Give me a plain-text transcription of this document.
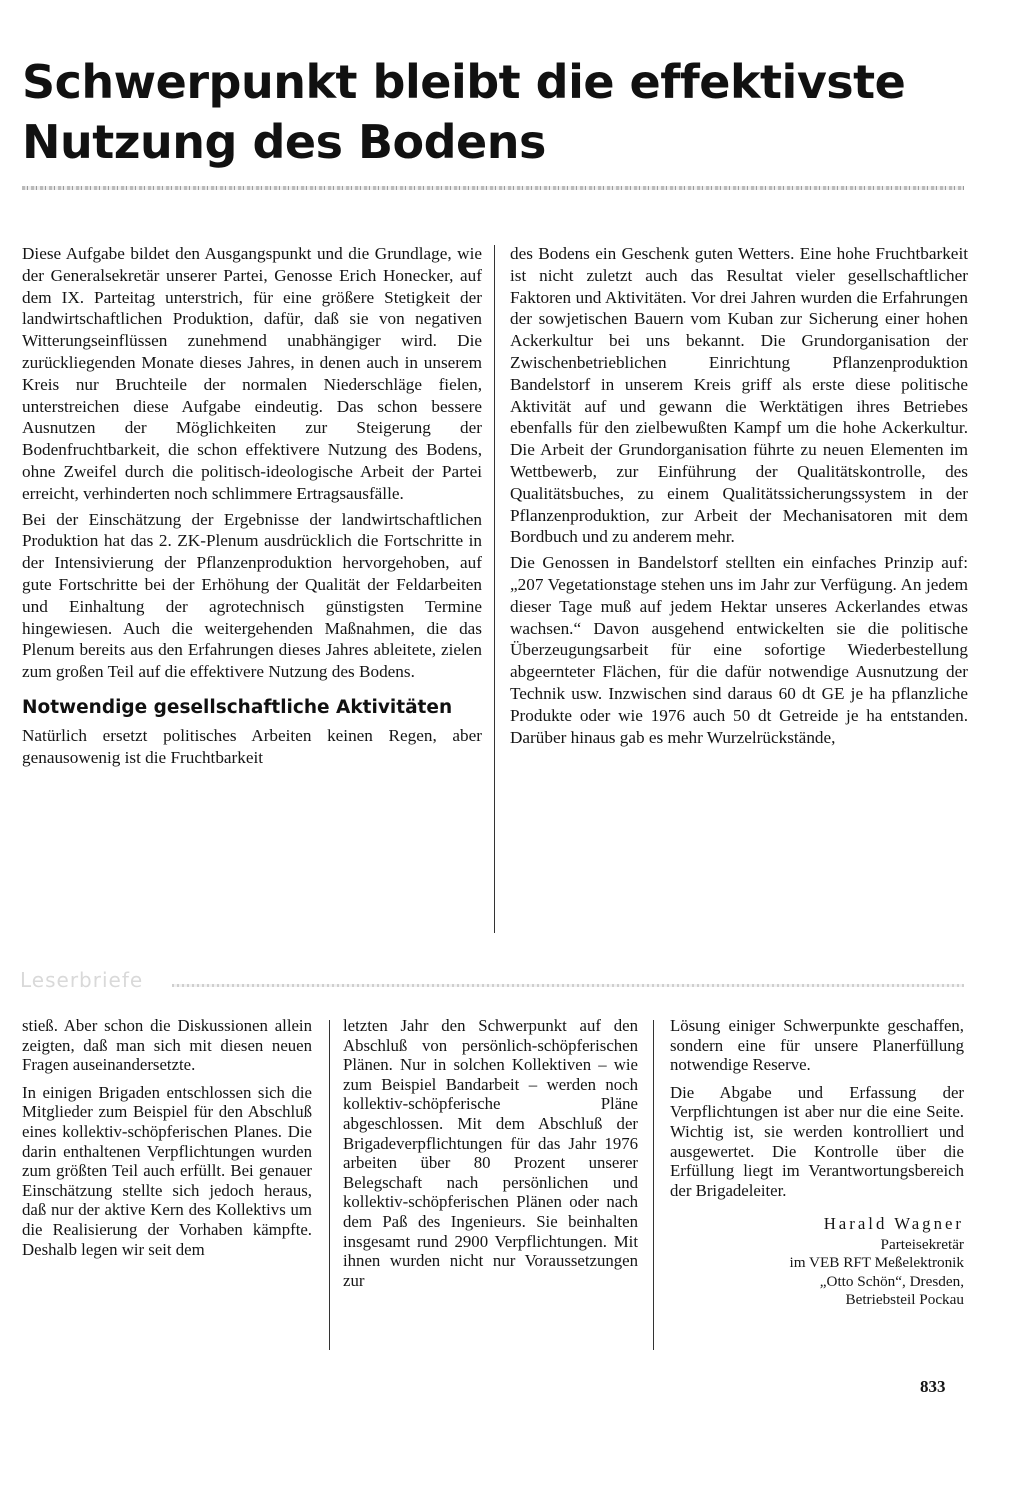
Schwerpunkt bleibt die effektivste Nutzung des Bodens

Diese Aufgabe bildet den Ausgangspunkt und die Grundlage, wie der Generalsekretär unserer Partei, Genosse Erich Honecker, auf dem IX. Parteitag unterstrich, für eine größere Stetigkeit der landwirtschaftlichen Produktion, dafür, daß sie von negativen Witterungseinflüssen zunehmend unabhängiger wird. Die zurückliegenden Monate dieses Jahres, in denen auch in unserem Kreis nur Bruchteile der normalen Niederschläge fielen, unterstreichen diese Aufgabe eindeutig. Das schon bessere Ausnutzen der Möglichkeiten zur Steigerung der Bodenfruchtbarkeit, die schon effektivere Nutzung des Bodens, ohne Zweifel durch die politisch-ideologische Arbeit der Partei erreicht, verhinderten noch schlimmere Ertragsausfälle.

Bei der Einschätzung der Ergebnisse der landwirtschaftlichen Produktion hat das 2. ZK-Plenum ausdrücklich die Fortschritte in der Intensivierung der Pflanzenproduktion hervorgehoben, auf gute Fortschritte bei der Erhöhung der Qualität der Feldarbeiten und Einhaltung der agrotechnisch günstigsten Termine hingewiesen. Auch die weitergehenden Maßnahmen, die das Plenum bereits aus den Erfahrungen dieses Jahres ableitete, zielen zum großen Teil auf die effektivere Nutzung des Bodens.

Notwendige gesellschaftliche Aktivitäten

Natürlich ersetzt politisches Arbeiten keinen Regen, aber genausowenig ist die Fruchtbarkeit

des Bodens ein Geschenk guten Wetters. Eine hohe Fruchtbarkeit ist nicht zuletzt auch das Resultat vieler gesellschaftlicher Faktoren und Aktivitäten. Vor drei Jahren wurden die Erfahrungen der sowjetischen Bauern vom Kuban zur Sicherung einer hohen Ackerkultur bei uns bekannt. Die Grundorganisation der Zwischenbetrieblichen Einrichtung Pflanzenproduktion Bandelstorf in unserem Kreis griff als erste diese politische Aktivität auf und gewann die Werktätigen ihres Betriebes ebenfalls für den zielbewußten Kampf um die hohe Ackerkultur. Die Arbeit der Grundorganisation führte zu neuen Elementen im Wettbewerb, zur Einführung der Qualitätskontrolle, des Qualitätsbuches, zu einem Qualitätssicherungssystem in der Pflanzenproduktion, zur Arbeit der Mechanisatoren mit dem Bordbuch und zu anderem mehr.

Die Genossen in Bandelstorf stellten ein einfaches Prinzip auf: „207 Vegetationstage stehen uns im Jahr zur Verfügung. An jedem dieser Tage muß auf jedem Hektar unseres Ackerlandes etwas wachsen.“ Davon ausgehend entwickelten sie die politische Überzeugungsarbeit für eine sofortige Wiederbestellung abgeernteter Flächen, für die dafür notwendige Ausnutzung der Technik usw. Inzwischen sind daraus 60 dt GE je ha pflanzliche Produkte oder wie 1976 auch 50 dt Getreide je ha entstanden. Darüber hinaus gab es mehr Wurzelrückstände,

Leserbriefe

stieß. Aber schon die Diskussionen allein zeigten, daß man sich mit diesen neuen Fragen auseinandersetzte.

In einigen Brigaden entschlossen sich die Mitglieder zum Beispiel für den Abschluß eines kollektiv-schöpferischen Planes. Die darin enthaltenen Verpflichtungen wurden zum größten Teil auch erfüllt. Bei genauer Einschätzung stellte sich jedoch heraus, daß nur der aktive Kern des Kollektivs um die Realisierung der Vorhaben kämpfte. Deshalb legen wir seit dem

letzten Jahr den Schwerpunkt auf den Abschluß von persönlich-schöpferischen Plänen. Nur in solchen Kollektiven – wie zum Beispiel Bandarbeit – werden noch kollektiv-schöpferische Pläne abgeschlossen. Mit dem Abschluß der Brigadeverpflichtungen für das Jahr 1976 arbeiten über 80 Prozent unserer Belegschaft nach persönlichen und kollektiv-schöpferischen Plänen oder nach dem Paß des Ingenieurs. Sie beinhalten insgesamt rund 2900 Verpflichtungen. Mit ihnen wurden nicht nur Voraussetzungen zur

Lösung einiger Schwerpunkte geschaffen, sondern eine für unsere Planerfüllung notwendige Reserve.

Die Abgabe und Erfassung der Verpflichtungen ist aber nur die eine Seite. Wichtig ist, sie werden kontrolliert und ausgewertet. Die Kontrolle über die Erfüllung liegt im Verantwortungsbereich der Brigadeleiter.

Harald Wagner

Parteisekretär
im VEB RFT Meßelektronik
„Otto Schön“, Dresden,
Betriebsteil Pockau

833
